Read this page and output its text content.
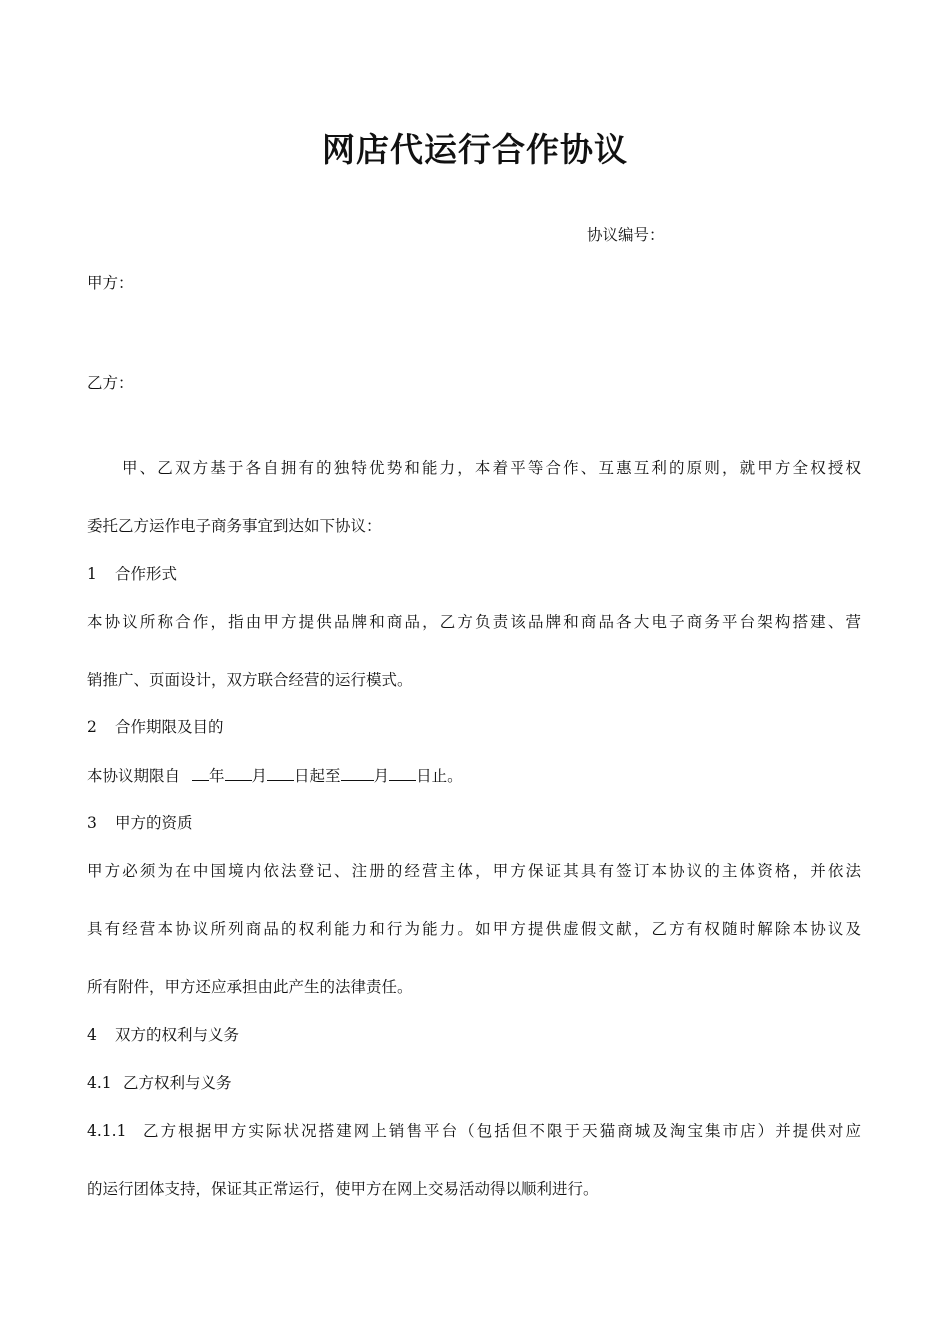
网店代运行合作协议
协议编号：
甲方：
乙方：
甲、乙双方基于各自拥有的独特优势和能力，本着平等合作、互惠互利的原则，就甲方全权授权
委托乙方运作电子商务事宜到达如下协议：
1 合作形式
本协议所称合作，指由甲方提供品牌和商品，乙方负责该品牌和商品各大电子商务平台架构搭建、营
销推广、页面设计，双方联合经营的运行模式。
2 合作期限及目的
本协议期限自 年 月 日起至 月 日止。
3 甲方的资质
甲方必须为在中国境内依法登记、注册的经营主体，甲方保证其具有签订本协议的主体资格，并依法
具有经营本协议所列商品的权利能力和行为能力。如甲方提供虚假文献，乙方有权随时解除本协议及
所有附件，甲方还应承担由此产生的法律责任。
4 双方的权利与义务
4.1 乙方权利与义务
4.1.1 乙方根据甲方实际状况搭建网上销售平台（包括但不限于天猫商城及淘宝集市店）并提供对应
的运行团体支持，保证其正常运行，使甲方在网上交易活动得以顺利进行。
